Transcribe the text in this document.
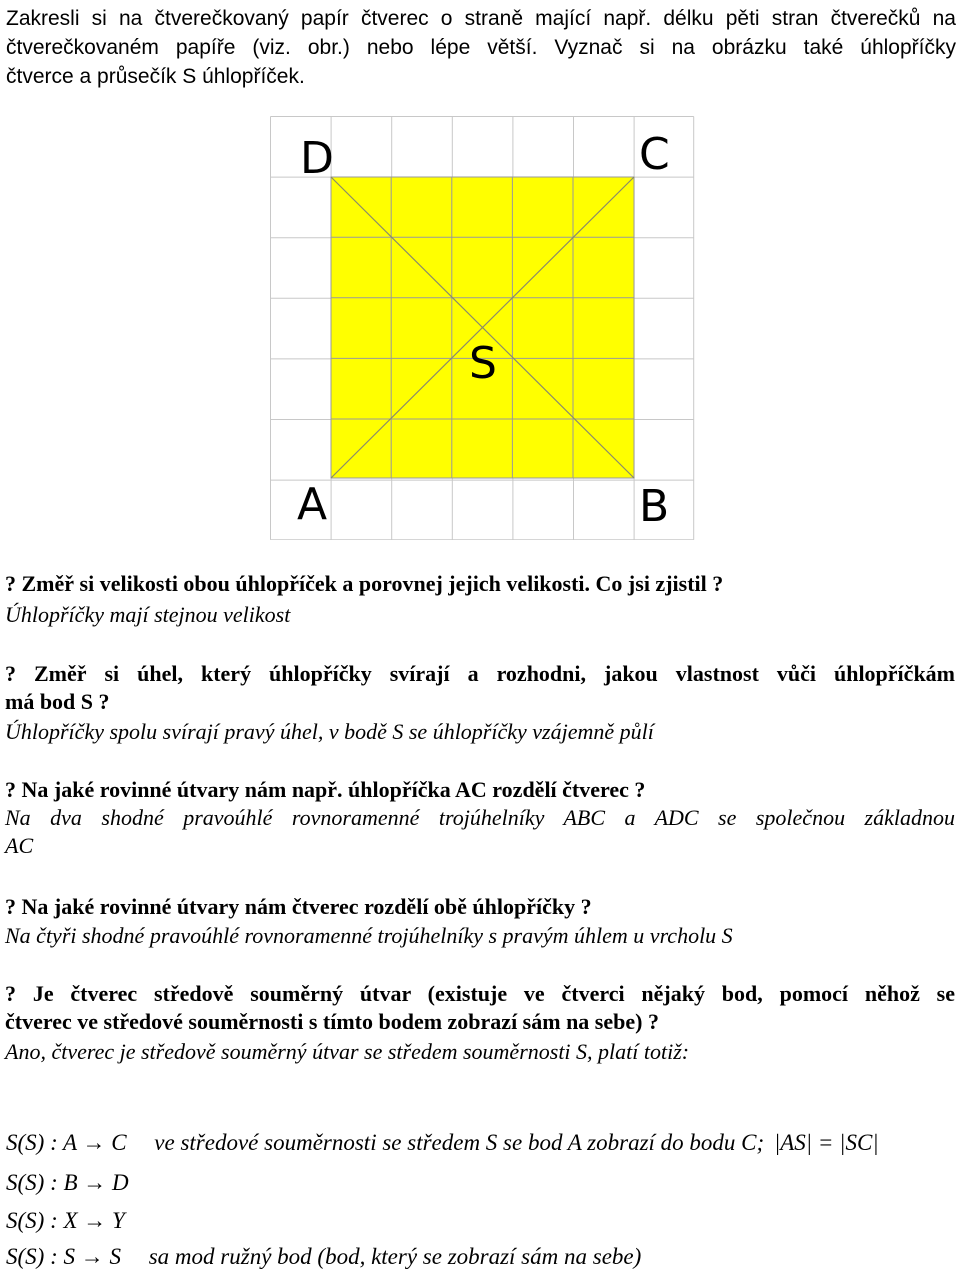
Zakresli si na čtverečkovaný papír čtverec o straně mající např. délku pěti stran čtverečků na
čtverečkovaném papíře (viz. obr.) nebo lépe větší. Vyznač si na obrázku také úhlopříčky
čtverce a průsečík S úhlopříček.
D	C
S
A	B
? Změř si velikosti obou úhlopříček a porovnej jejich velikosti. Co jsi zjistil ?
Úhlopříčky mají stejnou velikost
? Změř si úhel, který úhlopříčky svírají a rozhodni, jakou vlastnost vůči úhlopříčkám
má bod S ?
Úhlopříčky spolu svírají pravý úhel, v bodě S se úhlopříčky vzájemně půlí
? Na jaké rovinné útvary nám např. úhlopříčka AC rozdělí čtverec ?
Na dva shodné pravoúhlé rovnoramenné trojúhelníky ABC a ADC se společnou základnou
AC
? Na jaké rovinné útvary nám čtverec rozdělí obě úhlopříčky ?
Na čtyři shodné pravoúhlé rovnoramenné trojúhelníky s pravým úhlem u vrcholu S
? Je čtverec středově souměrný útvar (existuje ve čtverci nějaký bod, pomocí něhož se
čtverec ve středové souměrnosti s tímto bodem zobrazí sám na sebe) ?
Ano, čtverec je středově souměrný útvar se středem souměrnosti S, platí totiž:
S(S) : A → C ve středové souměrnosti se středem S se bod A zobrazí do bodu C; |AS| = |SC|
S(S) : B → D
S(S) : X → Y
S(S) : S → S sa mod ružný bod (bod, který se zobrazí sám na sebe)
